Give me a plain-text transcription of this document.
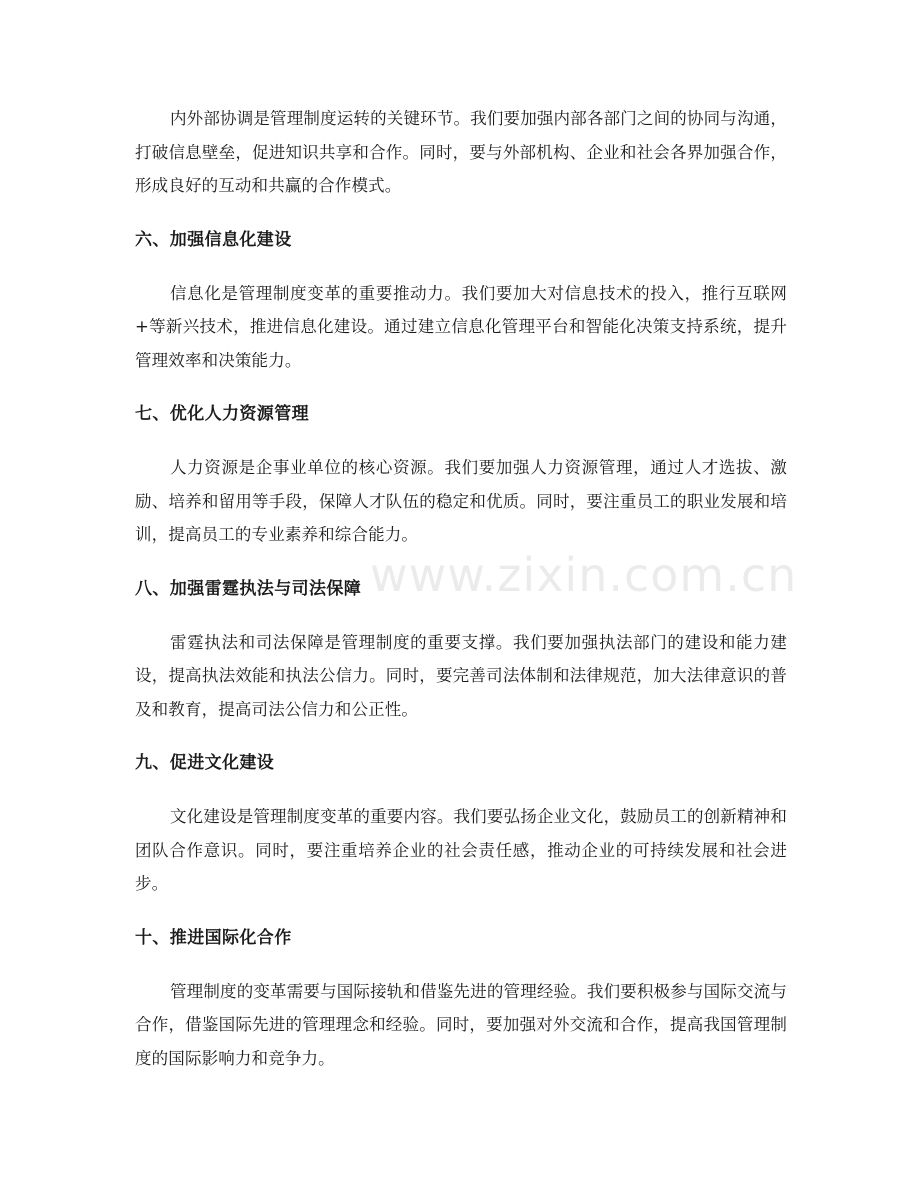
内外部协调是管理制度运转的关键环节。我们要加强内部各部门之间的协同与沟通，打破信息壁垒，促进知识共享和合作。同时，要与外部机构、企业和社会各界加强合作，形成良好的互动和共赢的合作模式。

六、加强信息化建设

信息化是管理制度变革的重要推动力。我们要加大对信息技术的投入，推行互联网+等新兴技术，推进信息化建设。通过建立信息化管理平台和智能化决策支持系统，提升管理效率和决策能力。

七、优化人力资源管理

人力资源是企事业单位的核心资源。我们要加强人力资源管理，通过人才选拔、激励、培养和留用等手段，保障人才队伍的稳定和优质。同时，要注重员工的职业发展和培训，提高员工的专业素养和综合能力。

八、加强雷霆执法与司法保障

雷霆执法和司法保障是管理制度的重要支撑。我们要加强执法部门的建设和能力建设，提高执法效能和执法公信力。同时，要完善司法体制和法律规范，加大法律意识的普及和教育，提高司法公信力和公正性。

九、促进文化建设

文化建设是管理制度变革的重要内容。我们要弘扬企业文化，鼓励员工的创新精神和团队合作意识。同时，要注重培养企业的社会责任感，推动企业的可持续发展和社会进步。

十、推进国际化合作

管理制度的变革需要与国际接轨和借鉴先进的管理经验。我们要积极参与国际交流与合作，借鉴国际先进的管理理念和经验。同时，要加强对外交流和合作，提高我国管理制度的国际影响力和竞争力。

www.zixin.com.cn
